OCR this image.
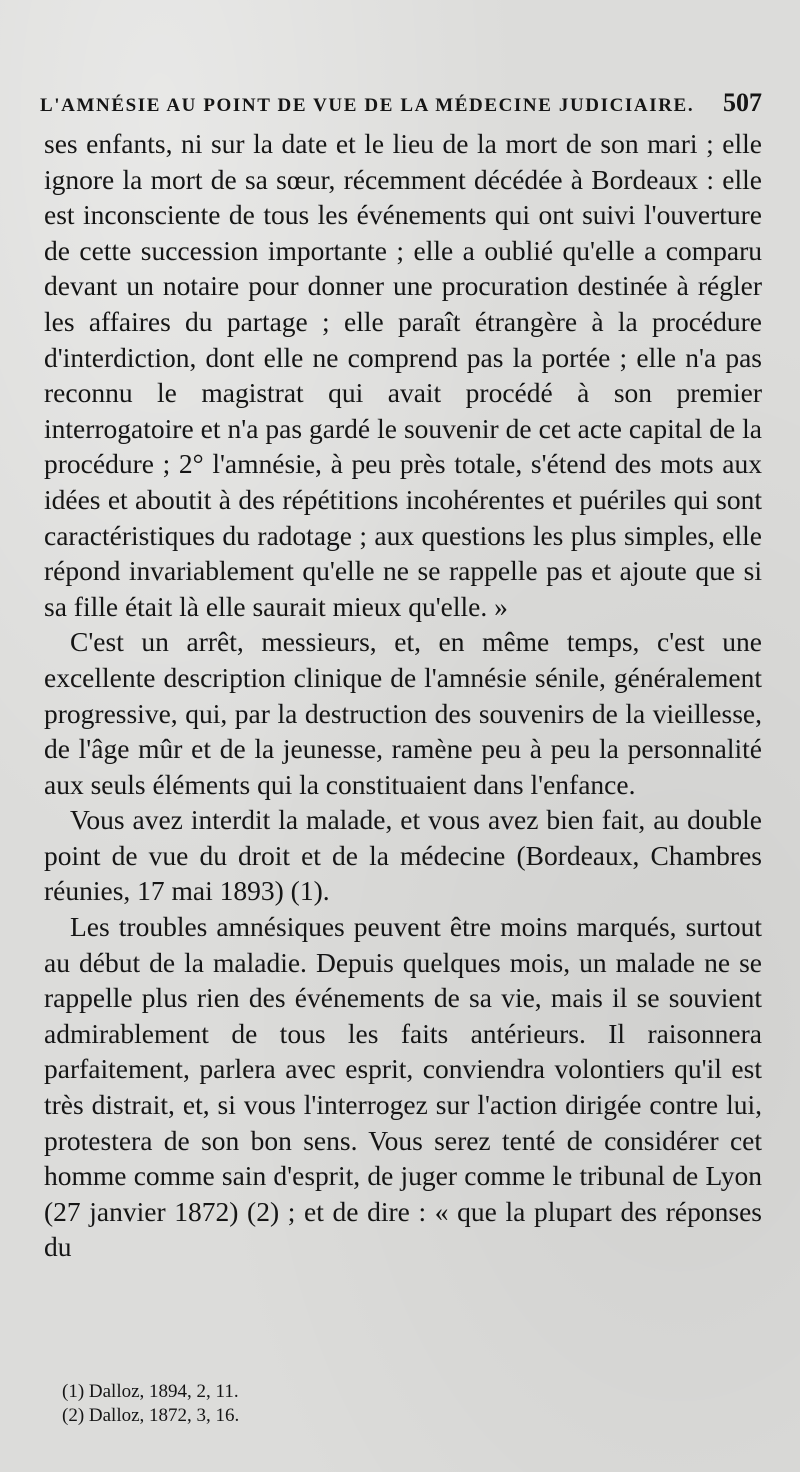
L'AMNÉSIE AU POINT DE VUE DE LA MÉDECINE JUDICIAIRE. 507

ses enfants, ni sur la date et le lieu de la mort de son mari ; elle ignore la mort de sa sœur, récemment décédée à Bordeaux : elle est inconsciente de tous les événements qui ont suivi l'ouverture de cette succession importante ; elle a oublié qu'elle a comparu devant un notaire pour donner une procuration destinée à régler les affaires du partage ; elle paraît étrangère à la procédure d'interdiction, dont elle ne comprend pas la portée ; elle n'a pas reconnu le magistrat qui avait procédé à son premier interrogatoire et n'a pas gardé le souvenir de cet acte capital de la procédure ; 2° l'amnésie, à peu près totale, s'étend des mots aux idées et aboutit à des répétitions incohérentes et puériles qui sont caractéristiques du radotage ; aux questions les plus simples, elle répond invariablement qu'elle ne se rappelle pas et ajoute que si sa fille était là elle saurait mieux qu'elle. »

C'est un arrêt, messieurs, et, en même temps, c'est une excellente description clinique de l'amnésie sénile, généralement progressive, qui, par la destruction des souvenirs de la vieillesse, de l'âge mûr et de la jeunesse, ramène peu à peu la personnalité aux seuls éléments qui la constituaient dans l'enfance.

Vous avez interdit la malade, et vous avez bien fait, au double point de vue du droit et de la médecine (Bordeaux, Chambres réunies, 17 mai 1893) (1).

Les troubles amnésiques peuvent être moins marqués, surtout au début de la maladie. Depuis quelques mois, un malade ne se rappelle plus rien des événements de sa vie, mais il se souvient admirablement de tous les faits antérieurs. Il raisonnera parfaitement, parlera avec esprit, conviendra volontiers qu'il est très distrait, et, si vous l'interrogez sur l'action dirigée contre lui, protestera de son bon sens. Vous serez tenté de considérer cet homme comme sain d'esprit, de juger comme le tribunal de Lyon (27 janvier 1872) (2) ; et de dire : « que la plupart des réponses du

(1) Dalloz, 1894, 2, 11.
(2) Dalloz, 1872, 3, 16.
